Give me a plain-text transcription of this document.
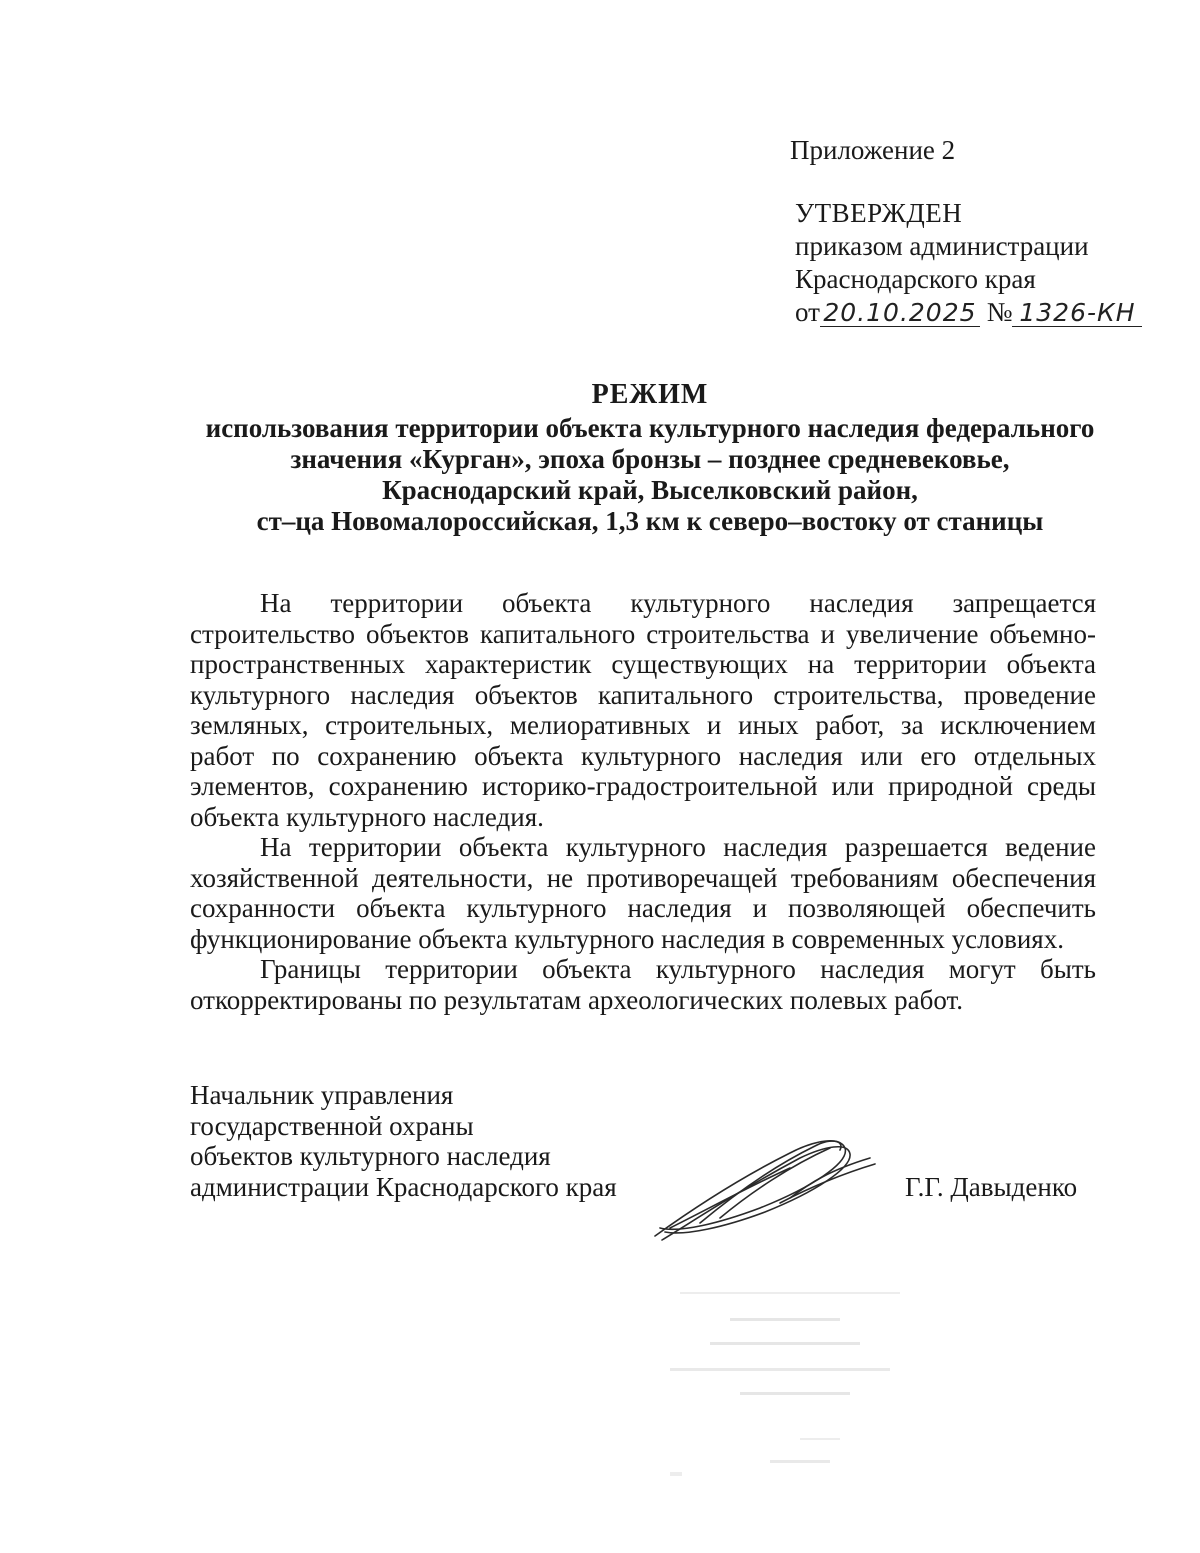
Приложение 2

УТВЕРЖДЕН
приказом администрации
Краснодарского края
от 20.10.2025 № 1326-КН

РЕЖИМ

использования территории объекта культурного наследия федерального

значения «Курган», эпоха бронзы – позднее средневековье,

Краснодарский край, Выселковский район,

ст–ца Новомалороссийская, 1,3 км к северо–востоку от станицы

На территории объекта культурного наследия запрещается строительство объектов капитального строительства и увеличение объемно-пространственных характеристик существующих на территории объекта культурного наследия объектов капитального строительства, проведение земляных, строительных, мелиоративных и иных работ, за исключением работ по сохранению объекта культурного наследия или его отдельных элементов, сохранению историко-градостроительной или природной среды объекта культурного наследия.

На территории объекта культурного наследия разрешается ведение хозяйственной деятельности, не противоречащей требованиям обеспечения сохранности объекта культурного наследия и позволяющей обеспечить функционирование объекта культурного наследия в современных условиях.

Границы территории объекта культурного наследия могут быть откорректированы по результатам археологических полевых работ.

Начальник управления
государственной охраны
объектов культурного наследия
администрации Краснодарского края	Г.Г. Давыденко
